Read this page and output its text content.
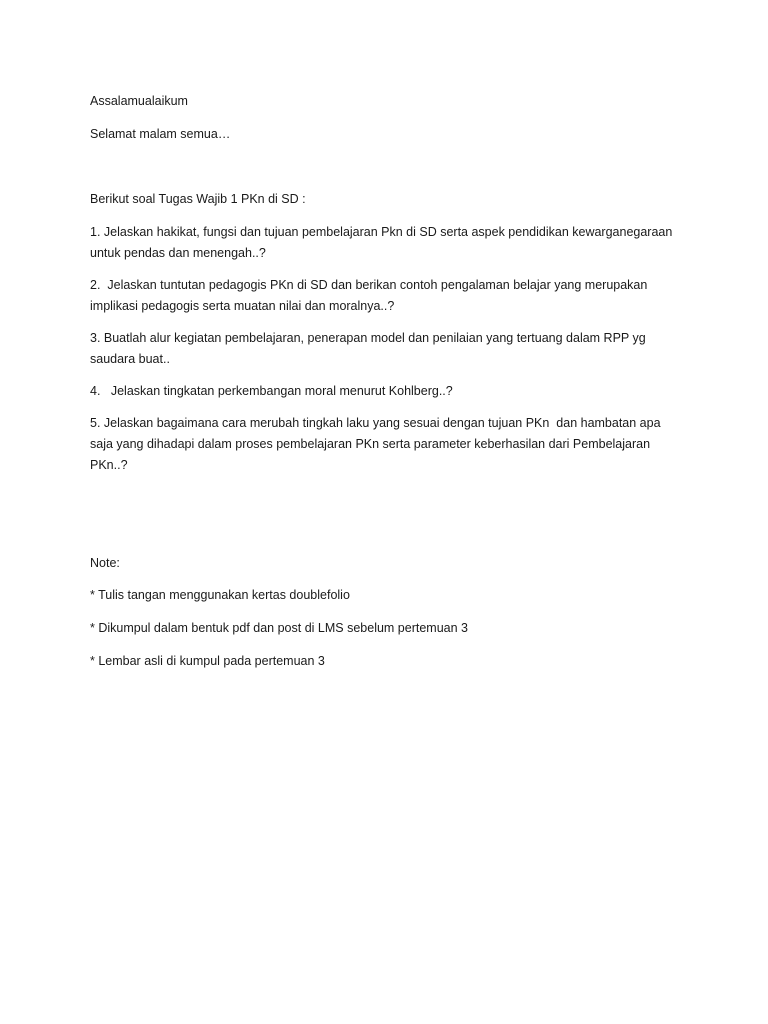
Assalamualaikum

Selamat malam semua…

Berikut soal Tugas Wajib 1 PKn di SD :

1. Jelaskan hakikat, fungsi dan tujuan pembelajaran Pkn di SD serta aspek pendidikan kewarganegaraan
untuk pendas dan menengah..?
2.  Jelaskan tuntutan pedagogis PKn di SD dan berikan contoh pengalaman belajar yang merupakan
implikasi pedagogis serta muatan nilai dan moralnya..?
3. Buatlah alur kegiatan pembelajaran, penerapan model dan penilaian yang tertuang dalam RPP yg
saudara buat..
4.   Jelaskan tingkatan perkembangan moral menurut Kohlberg..?
5. Jelaskan bagaimana cara merubah tingkah laku yang sesuai dengan tujuan PKn  dan hambatan apa
saja yang dihadapi dalam proses pembelajaran PKn serta parameter keberhasilan dari Pembelajaran
PKn..?

Note:

* Tulis tangan menggunakan kertas doublefolio

* Dikumpul dalam bentuk pdf dan post di LMS sebelum pertemuan 3

* Lembar asli di kumpul pada pertemuan 3
